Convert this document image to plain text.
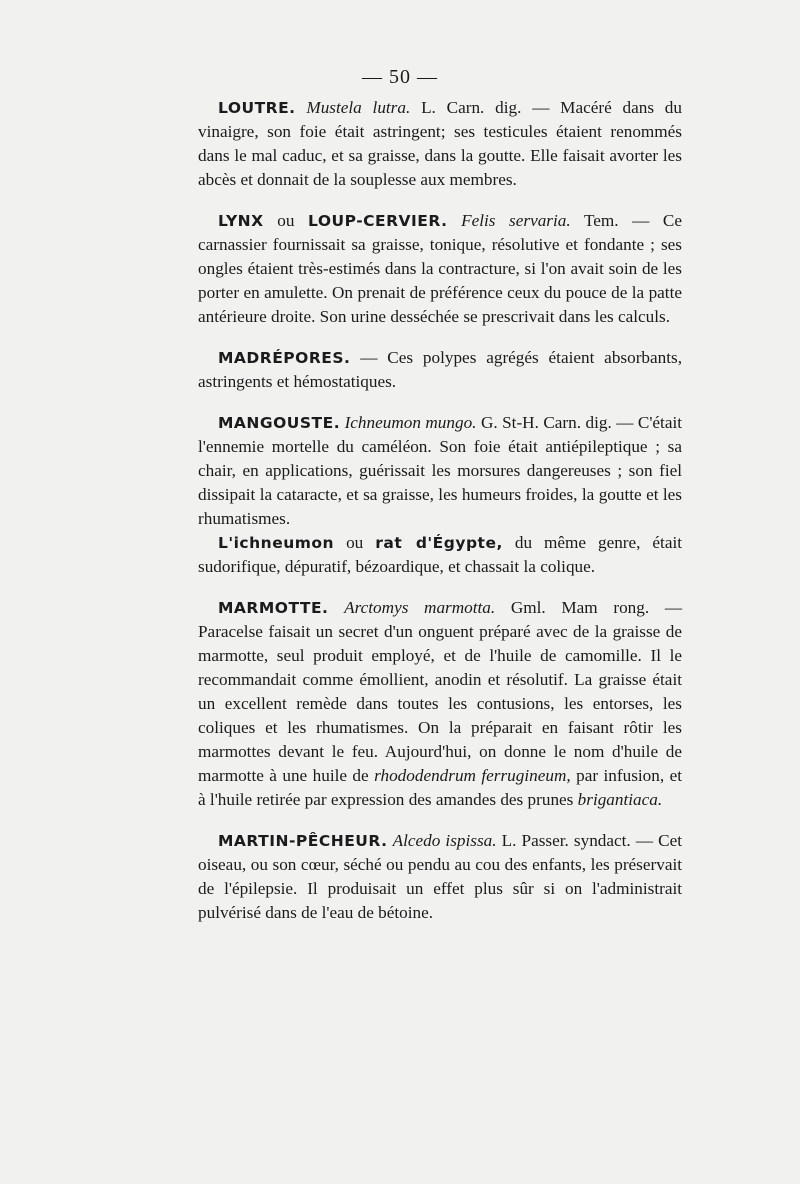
— 50 —

LOUTRE. Mustela lutra. L. Carn. dig. — Macéré dans du vinaigre, son foie était astringent; ses testicules étaient renommés dans le mal caduc, et sa graisse, dans la goutte. Elle faisait avorter les abcès et donnait de la souplesse aux membres.

LYNX ou LOUP-CERVIER. Felis servaria. Tem. — Ce carnassier fournissait sa graisse, tonique, résolutive et fondante ; ses ongles étaient très-estimés dans la contracture, si l'on avait soin de les porter en amulette. On prenait de préférence ceux du pouce de la patte antérieure droite. Son urine desséchée se prescrivait dans les calculs.

MADRÉPORES. — Ces polypes agrégés étaient absorbants, astringents et hémostatiques.

MANGOUSTE. Ichneumon mungo. G. St-H. Carn. dig. — C'était l'ennemie mortelle du caméléon. Son foie était antiépileptique ; sa chair, en applications, guérissait les morsures dangereuses ; son fiel dissipait la cataracte, et sa graisse, les humeurs froides, la goutte et les rhumatismes.

L'ichneumon ou rat d'Égypte, du même genre, était sudorifique, dépuratif, bézoardique, et chassait la colique.

MARMOTTE. Arctomys marmotta. Gml. Mam rong. — Paracelse faisait un secret d'un onguent préparé avec de la graisse de marmotte, seul produit employé, et de l'huile de camomille. Il le recommandait comme émollient, anodin et résolutif. La graisse était un excellent remède dans toutes les contusions, les entorses, les coliques et les rhumatismes. On la préparait en faisant rôtir les marmottes devant le feu. Aujourd'hui, on donne le nom d'huile de marmotte à une huile de rhododendrum ferrugineum, par infusion, et à l'huile retirée par expression des amandes des prunes brigantiaca.

MARTIN-PÊCHEUR. Alcedo ispissa. L. Passer. syndact. — Cet oiseau, ou son cœur, séché ou pendu au cou des enfants, les préservait de l'épilepsie. Il produisait un effet plus sûr si on l'administrait pulvérisé dans de l'eau de bétoine.
